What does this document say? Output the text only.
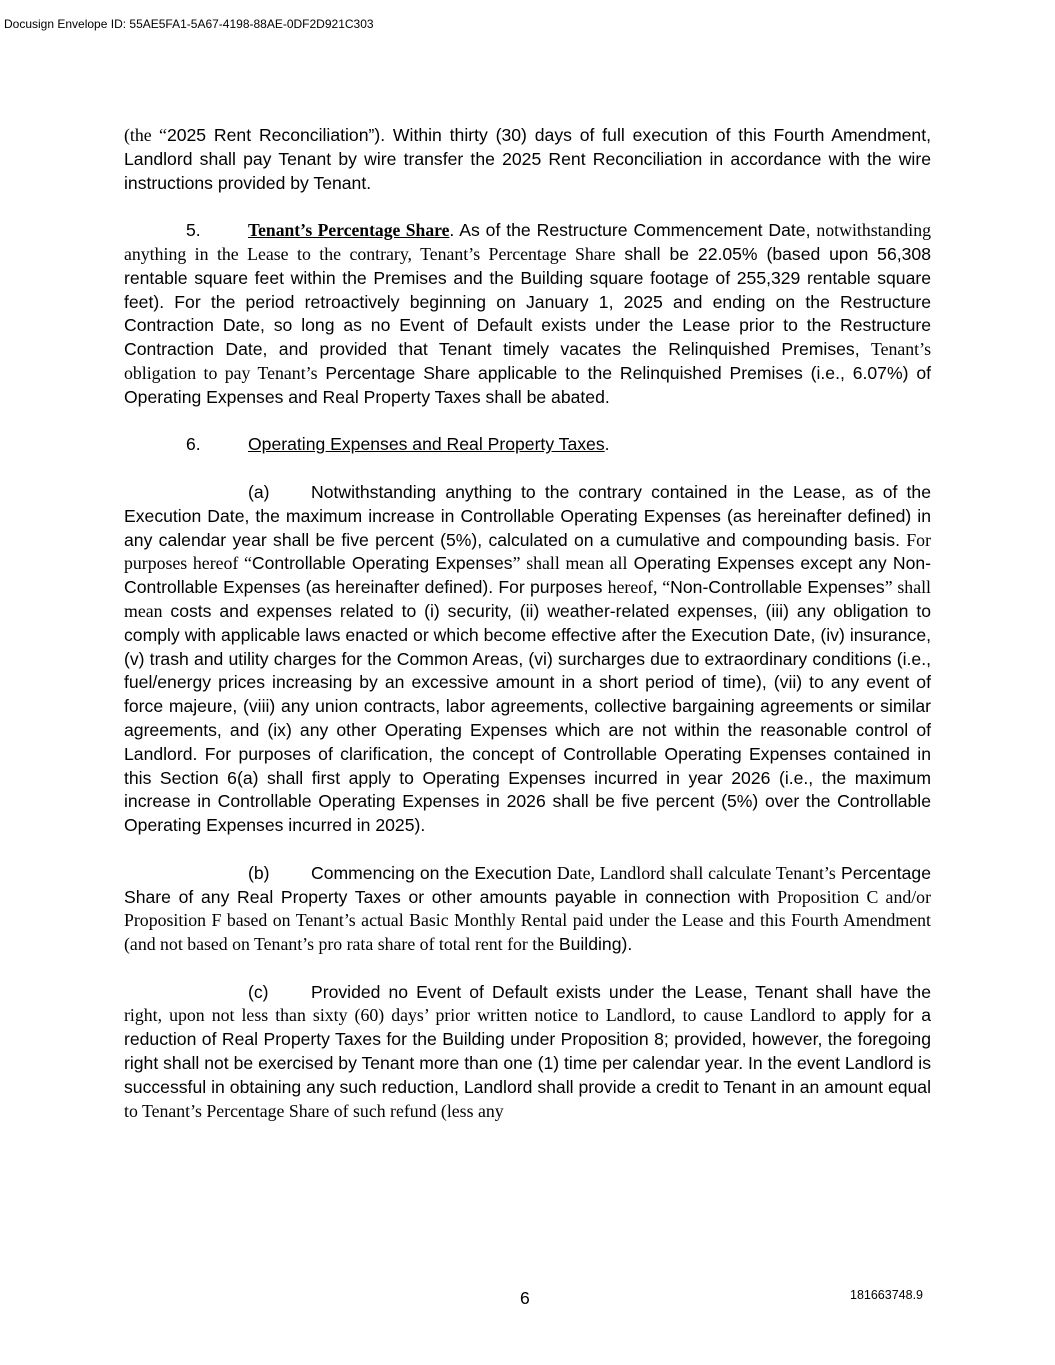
Docusign Envelope ID: 55AE5FA1-5A67-4198-88AE-0DF2D921C303

(the “2025 Rent Reconciliation”). Within thirty (30) days of full execution of this Fourth Amendment, Landlord shall pay Tenant by wire transfer the 2025 Rent Reconciliation in accordance with the wire instructions provided by Tenant.

5.	Tenant’s Percentage Share. As of the Restructure Commencement Date, notwithstanding anything in the Lease to the contrary, Tenant’s Percentage Share shall be 22.05% (based upon 56,308 rentable square feet within the Premises and the Building square footage of 255,329 rentable square feet). For the period retroactively beginning on January 1, 2025 and ending on the Restructure Contraction Date, so long as no Event of Default exists under the Lease prior to the Restructure Contraction Date, and provided that Tenant timely vacates the Relinquished Premises, Tenant’s obligation to pay Tenant’s Percentage Share applicable to the Relinquished Premises (i.e., 6.07%) of Operating Expenses and Real Property Taxes shall be abated.

6.	Operating Expenses and Real Property Taxes.

(a) Notwithstanding anything to the contrary contained in the Lease, as of the Execution Date, the maximum increase in Controllable Operating Expenses (as hereinafter defined) in any calendar year shall be five percent (5%), calculated on a cumulative and compounding basis. For purposes hereof “Controllable Operating Expenses” shall mean all Operating Expenses except any Non-Controllable Expenses (as hereinafter defined). For purposes hereof, “Non-Controllable Expenses” shall mean costs and expenses related to (i) security, (ii) weather-related expenses, (iii) any obligation to comply with applicable laws enacted or which become effective after the Execution Date, (iv) insurance, (v) trash and utility charges for the Common Areas, (vi) surcharges due to extraordinary conditions (i.e., fuel/energy prices increasing by an excessive amount in a short period of time), (vii) to any event of force majeure, (viii) any union contracts, labor agreements, collective bargaining agreements or similar agreements, and (ix) any other Operating Expenses which are not within the reasonable control of Landlord. For purposes of clarification, the concept of Controllable Operating Expenses contained in this Section 6(a) shall first apply to Operating Expenses incurred in year 2026 (i.e., the maximum increase in Controllable Operating Expenses in 2026 shall be five percent (5%) over the Controllable Operating Expenses incurred in 2025).

(b) Commencing on the Execution Date, Landlord shall calculate Tenant’s Percentage Share of any Real Property Taxes or other amounts payable in connection with Proposition C and/or Proposition F based on Tenant’s actual Basic Monthly Rental paid under the Lease and this Fourth Amendment (and not based on Tenant’s pro rata share of total rent for the Building).

(c) Provided no Event of Default exists under the Lease, Tenant shall have the right, upon not less than sixty (60) days’ prior written notice to Landlord, to cause Landlord to apply for a reduction of Real Property Taxes for the Building under Proposition 8; provided, however, the foregoing right shall not be exercised by Tenant more than one (1) time per calendar year. In the event Landlord is successful in obtaining any such reduction, Landlord shall provide a credit to Tenant in an amount equal to Tenant’s Percentage Share of such refund (less any

6	181663748.9
